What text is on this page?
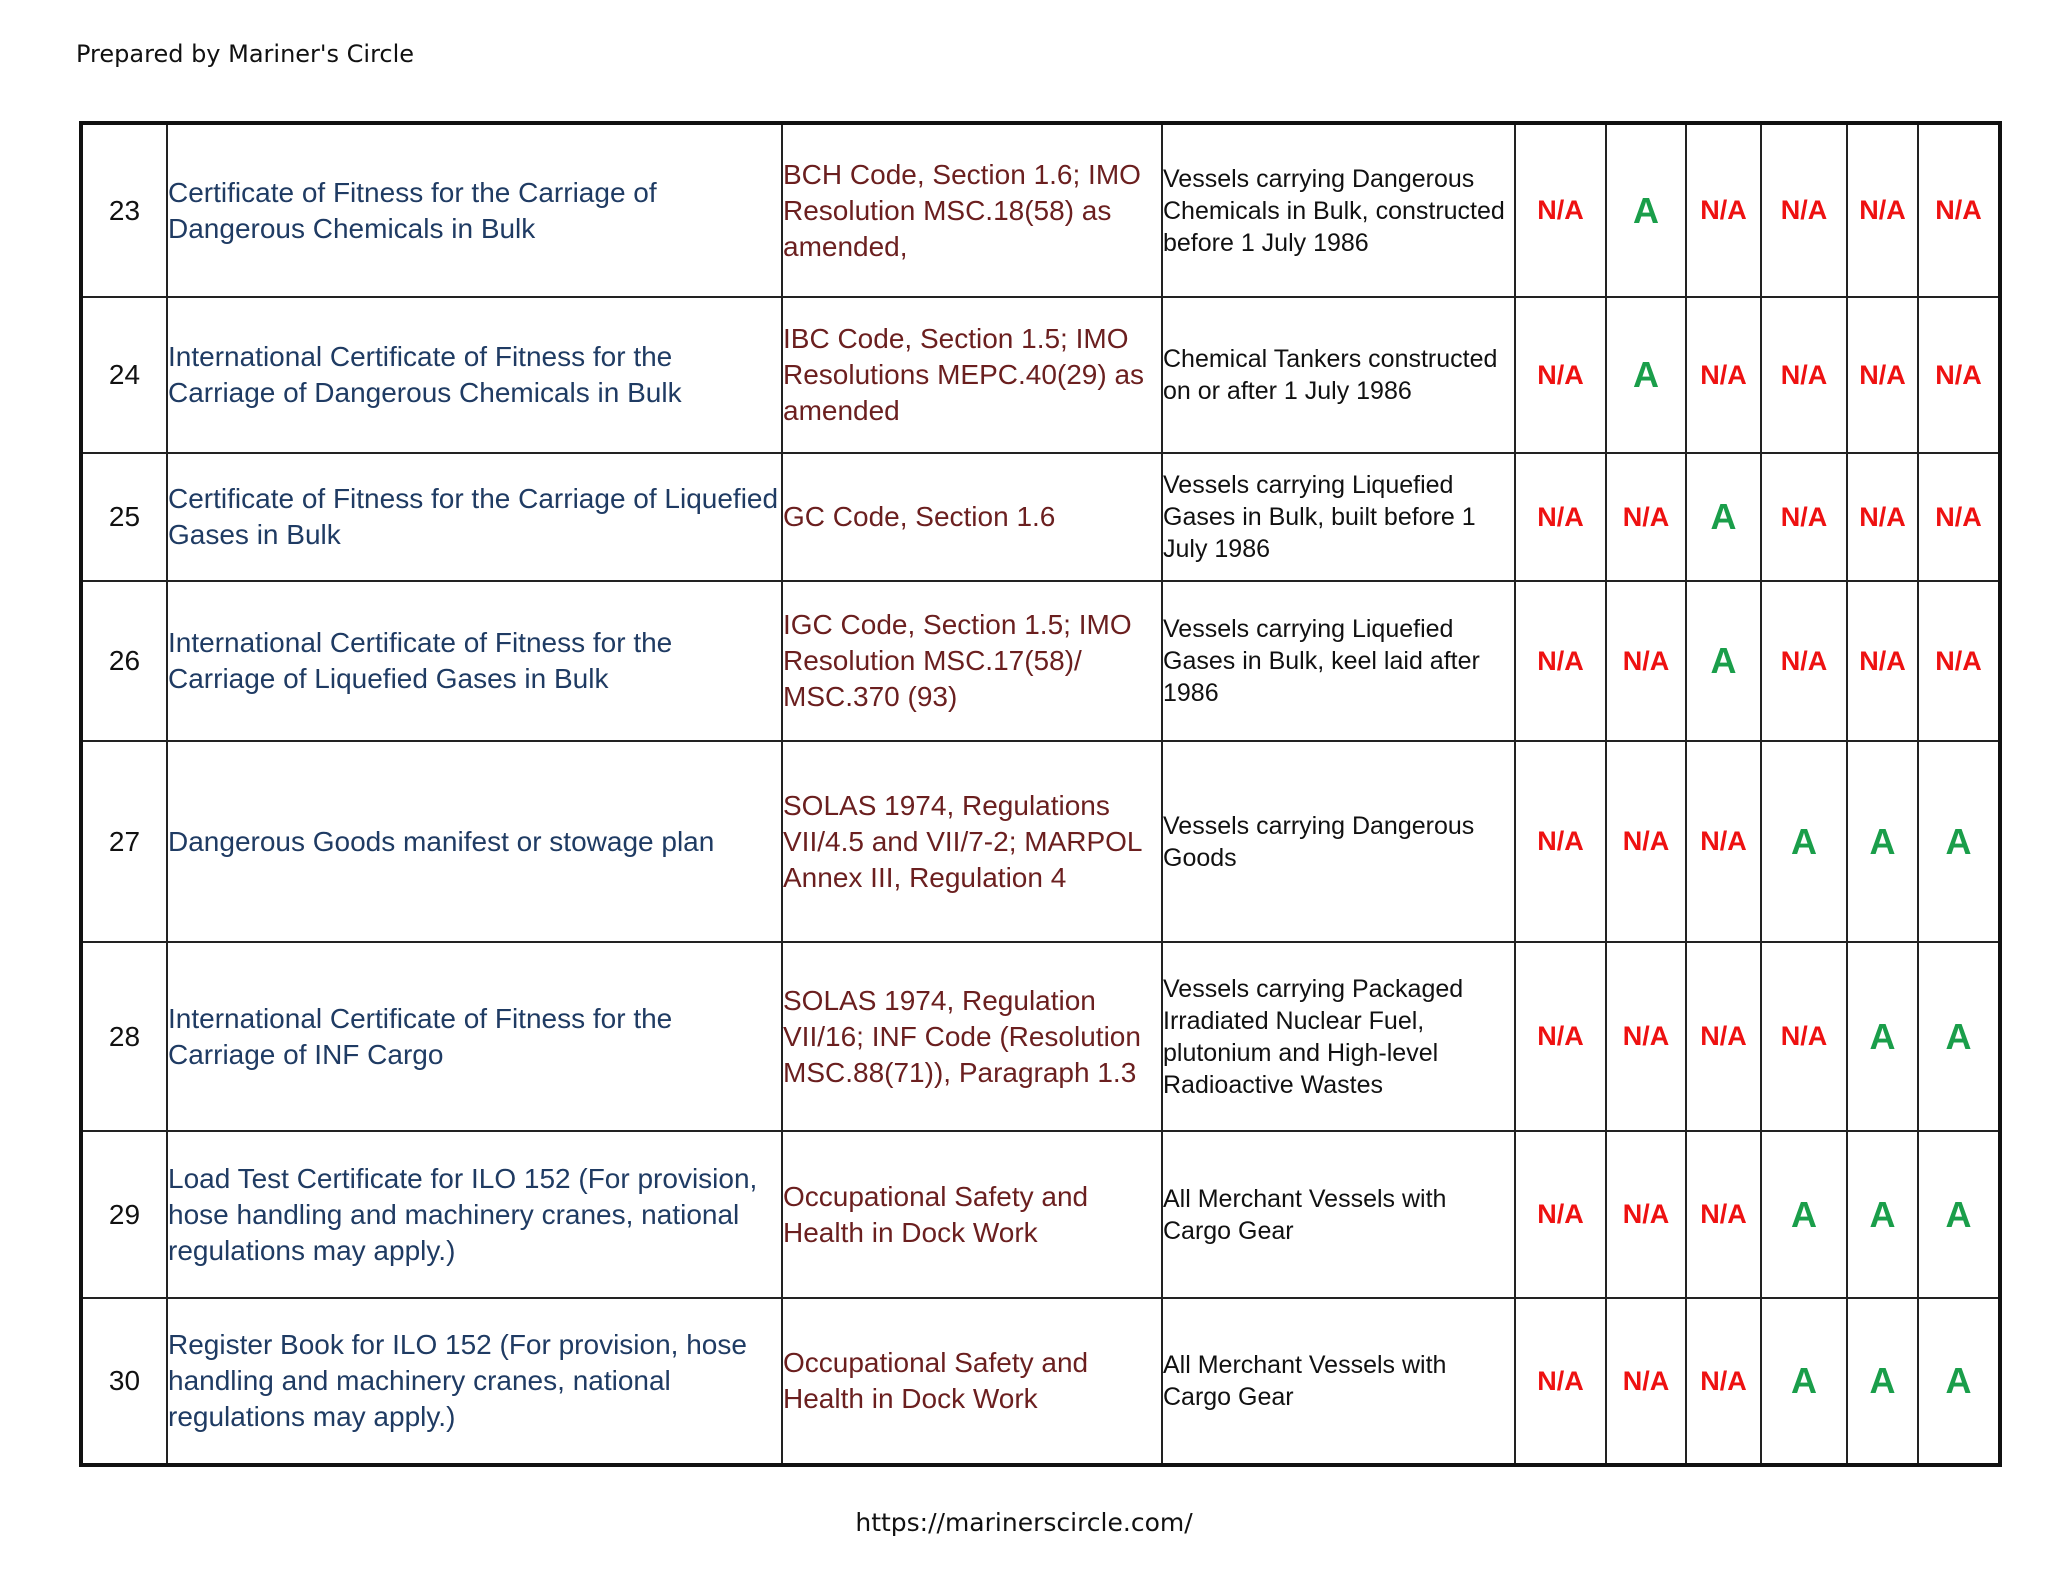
Prepared by Mariner's Circle
23	Certificate of Fitness for the Carriage of Dangerous Chemicals in Bulk	BCH Code, Section 1.6; IMO Resolution MSC.18(58) as amended,	Vessels carrying Dangerous Chemicals in Bulk, constructed before 1 July 1986	N/A	A	N/A	N/A	N/A	N/A
24	International Certificate of Fitness for the Carriage of Dangerous Chemicals in Bulk	IBC Code, Section 1.5; IMO Resolutions MEPC.40(29) as amended	Chemical Tankers constructed on or after 1 July 1986	N/A	A	N/A	N/A	N/A	N/A
25	Certificate of Fitness for the Carriage of Liquefied Gases in Bulk	GC Code, Section 1.6	Vessels carrying Liquefied Gases in Bulk, built before 1 July 1986	N/A	N/A	A	N/A	N/A	N/A
26	International Certificate of Fitness for the Carriage of Liquefied Gases in Bulk	IGC Code, Section 1.5; IMO Resolution MSC.17(58)/ MSC.370 (93)	Vessels carrying Liquefied Gases in Bulk, keel laid after 1986	N/A	N/A	A	N/A	N/A	N/A
27	Dangerous Goods manifest or stowage plan	SOLAS 1974, Regulations VII/4.5 and VII/7-2; MARPOL Annex III, Regulation 4	Vessels carrying Dangerous Goods	N/A	N/A	N/A	A	A	A
28	International Certificate of Fitness for the Carriage of INF Cargo	SOLAS 1974, Regulation VII/16; INF Code (Resolution MSC.88(71)), Paragraph 1.3	Vessels carrying Packaged Irradiated Nuclear Fuel, plutonium and High-level Radioactive Wastes	N/A	N/A	N/A	N/A	A	A
29	Load Test Certificate for ILO 152 (For provision, hose handling and machinery cranes, national regulations may apply.)	Occupational Safety and Health in Dock Work	All Merchant Vessels with Cargo Gear	N/A	N/A	N/A	A	A	A
30	Register Book for ILO 152 (For provision, hose handling and machinery cranes, national regulations may apply.)	Occupational Safety and Health in Dock Work	All Merchant Vessels with Cargo Gear	N/A	N/A	N/A	A	A	A
https://marinerscircle.com/
